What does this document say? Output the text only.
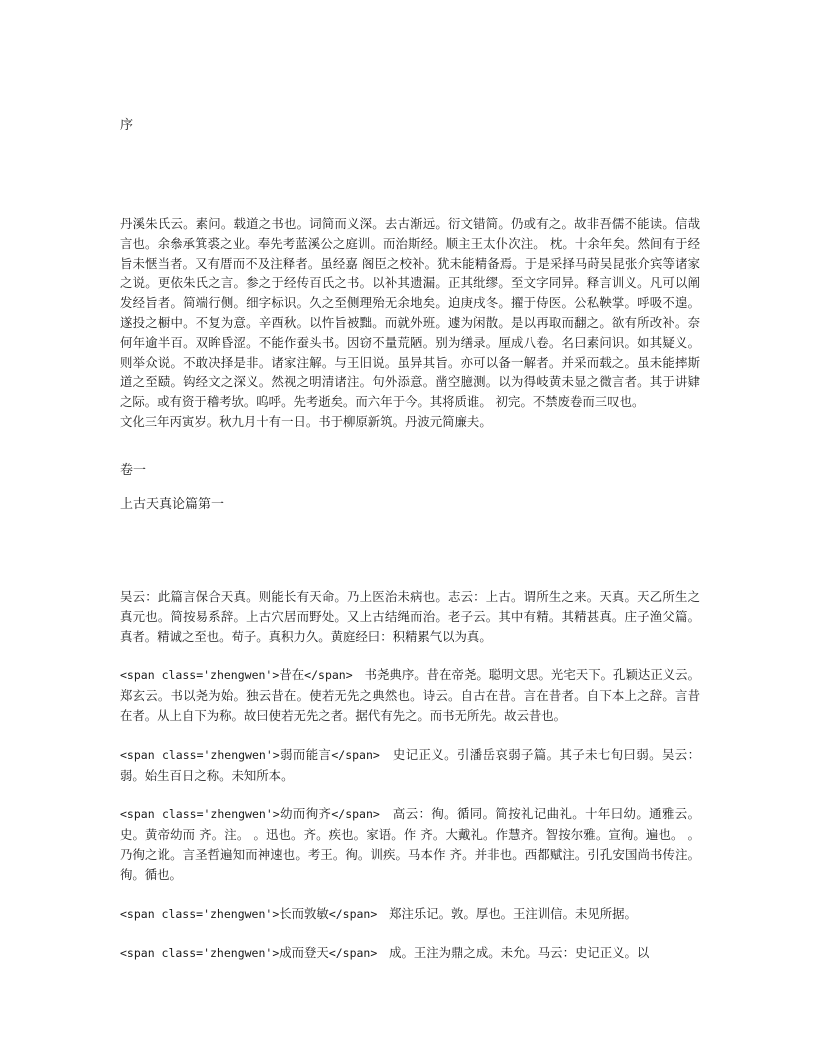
序

丹溪朱氏云。素问。载道之书也。词简而义深。去古渐远。衍文错简。仍或有之。故非吾儒不能读。信哉言也。余叅承箕裘之业。奉先考蓝溪公之庭训。而治斯经。顺主王太仆次注。 枕。十余年矣。然间有于经旨未惬当者。又有厝而不及注释者。虽经嘉 阁臣之校补。犹未能精备焉。于是采择马莳吴昆张介宾等诸家之说。更依朱氏之言。参之于经传百氏之书。以补其遗漏。正其纰缪。至文字同异。释言训义。凡可以阐发经旨者。简端行侧。细字标识。久之至侧理殆无余地矣。迫庚戌冬。擢于侍医。公私鞅掌。呼吸不遑。遂投之橱中。不复为意。辛酉秋。以忤旨被黜。而就外班。遽为闲散。是以再取而翻之。欲有所改补。奈何年逾半百。双眸昏涩。不能作蚕头书。因窃不量荒陋。别为缮录。厘成八卷。名曰素问识。如其疑义。则举众说。不敢决择是非。诸家注解。与王旧说。虽异其旨。亦可以备一解者。并采而载之。虽未能摔斯道之至赜。钩经文之深义。然视之明清诸注。句外添意。凿空臆测。以为得岐黄未显之微言者。其于讲肄之际。或有资于稽考欤。呜呼。先考逝矣。而六年于今。其将质谁。 初完。不禁废卷而三叹也。

文化三年丙寅岁。秋九月十有一日。书于柳原新筑。丹波元简廉夫。

卷一
上古天真论篇第一

吴云：此篇言保合天真。则能长有天命。乃上医治未病也。志云：上古。谓所生之来。天真。天乙所生之真元也。简按易系辞。上古穴居而野处。又上古结绳而治。老子云。其中有精。其精甚真。庄子渔父篇。真者。精诚之至也。荀子。真积力久。黄庭经曰：积精累气以为真。

<span class='zhengwen'>昔在</span> 书尧典序。昔在帝尧。聪明文思。光宅天下。孔颖达正义云。郑玄云。书以尧为始。独云昔在。使若无先之典然也。诗云。自古在昔。言在昔者。自下本上之辞。言昔在者。从上自下为称。故曰使若无先之者。据代有先之。而书无所先。故云昔也。

<span class='zhengwen'>弱而能言</span> 史记正义。引潘岳哀弱子篇。其子未七旬曰弱。吴云：弱。始生百日之称。未知所本。

<span class='zhengwen'>幼而徇齐</span> 高云：徇。循同。简按礼记曲礼。十年曰幼。通雅云。史。黄帝幼而 齐。注。 。迅也。齐。疾也。家语。作 齐。大戴礼。作慧齐。智按尔雅。宣徇。遍也。 。乃徇之讹。言圣哲遍知而神速也。考王。徇。训疾。马本作 齐。并非也。西都赋注。引孔安国尚书传注。徇。循也。

<span class='zhengwen'>长而敦敏</span> 郑注乐记。敦。厚也。王注训信。未见所据。

<span class='zhengwen'>成而登天</span> 成。王注为鼎之成。未允。马云：史记正义。以
